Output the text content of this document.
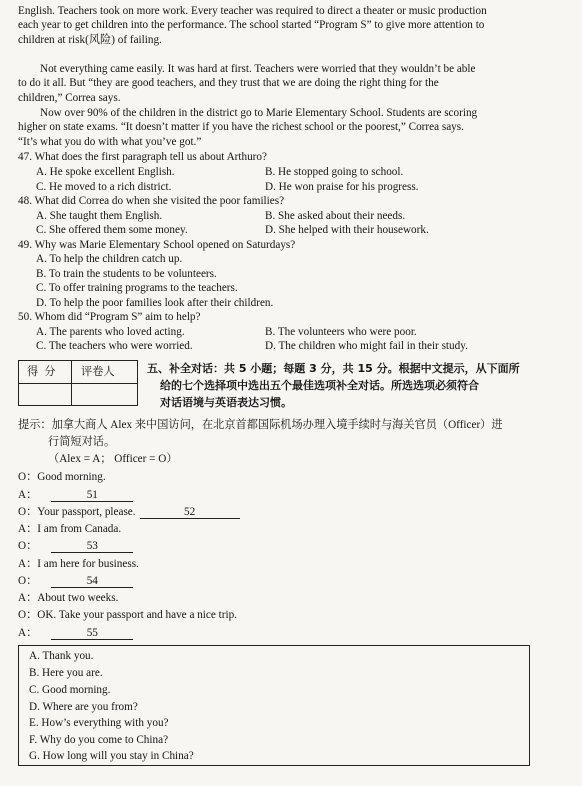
English. Teachers took on more work. Every teacher was required to direct a theater or music production
each year to get children into the performance. The school started “Program S” to give more attention to
children at risk(风险) of failing.
Not everything came easily. It was hard at first. Teachers were worried that they wouldn’t be able
to do it all. But “they are good teachers, and they trust that we are doing the right thing for the
children,” Correa says.
Now over 90% of the children in the district go to Marie Elementary School. Students are scoring
higher on state exams. “It doesn’t matter if you have the richest school or the poorest,” Correa says.
“It’s what you do with what you’ve got.”
47. What does the first paragraph tell us about Arthuro?
A. He spoke excellent English.	B. He stopped going to school.
C. He moved to a rich district.	D. He won praise for his progress.
48. What did Correa do when she visited the poor families?
A. She taught them English.	B. She asked about their needs.
C. She offered them some money.	D. She helped with their housework.
49. Why was Marie Elementary School opened on Saturdays?
A. To help the children catch up.
B. To train the students to be volunteers.
C. To offer training programs to the teachers.
D. To help the poor families look after their children.
50. Whom did “Program S” aim to help?
A. The parents who loved acting.	B. The volunteers who were poor.
C. The teachers who were worried.	D. The children who might fail in their study.
得分 评卷人	五、补全对话：共 5 小题；每题 3 分，共 15 分。根据中文提示，从下面所
给的七个选择项中选出五个最佳选项补全对话。所选选项必须符合
对话语境与英语表达习惯。
提示：加拿大商人 Alex 来中国访问，在北京首都国际机场办理入境手续时与海关官员（Officer）进
行简短对话。
（Alex = A； Officer = O）
O：Good morning.
A：	51
O：Your passport, please.	52
A：I am from Canada.
O：	53
A：I am here for business.
O：	54
A：About two weeks.
O：OK. Take your passport and have a nice trip.
A：	55
A. Thank you.
B. Here you are.
C. Good morning.
D. Where are you from?
E. How’s everything with you?
F. Why do you come to China?
G. How long will you stay in China?
